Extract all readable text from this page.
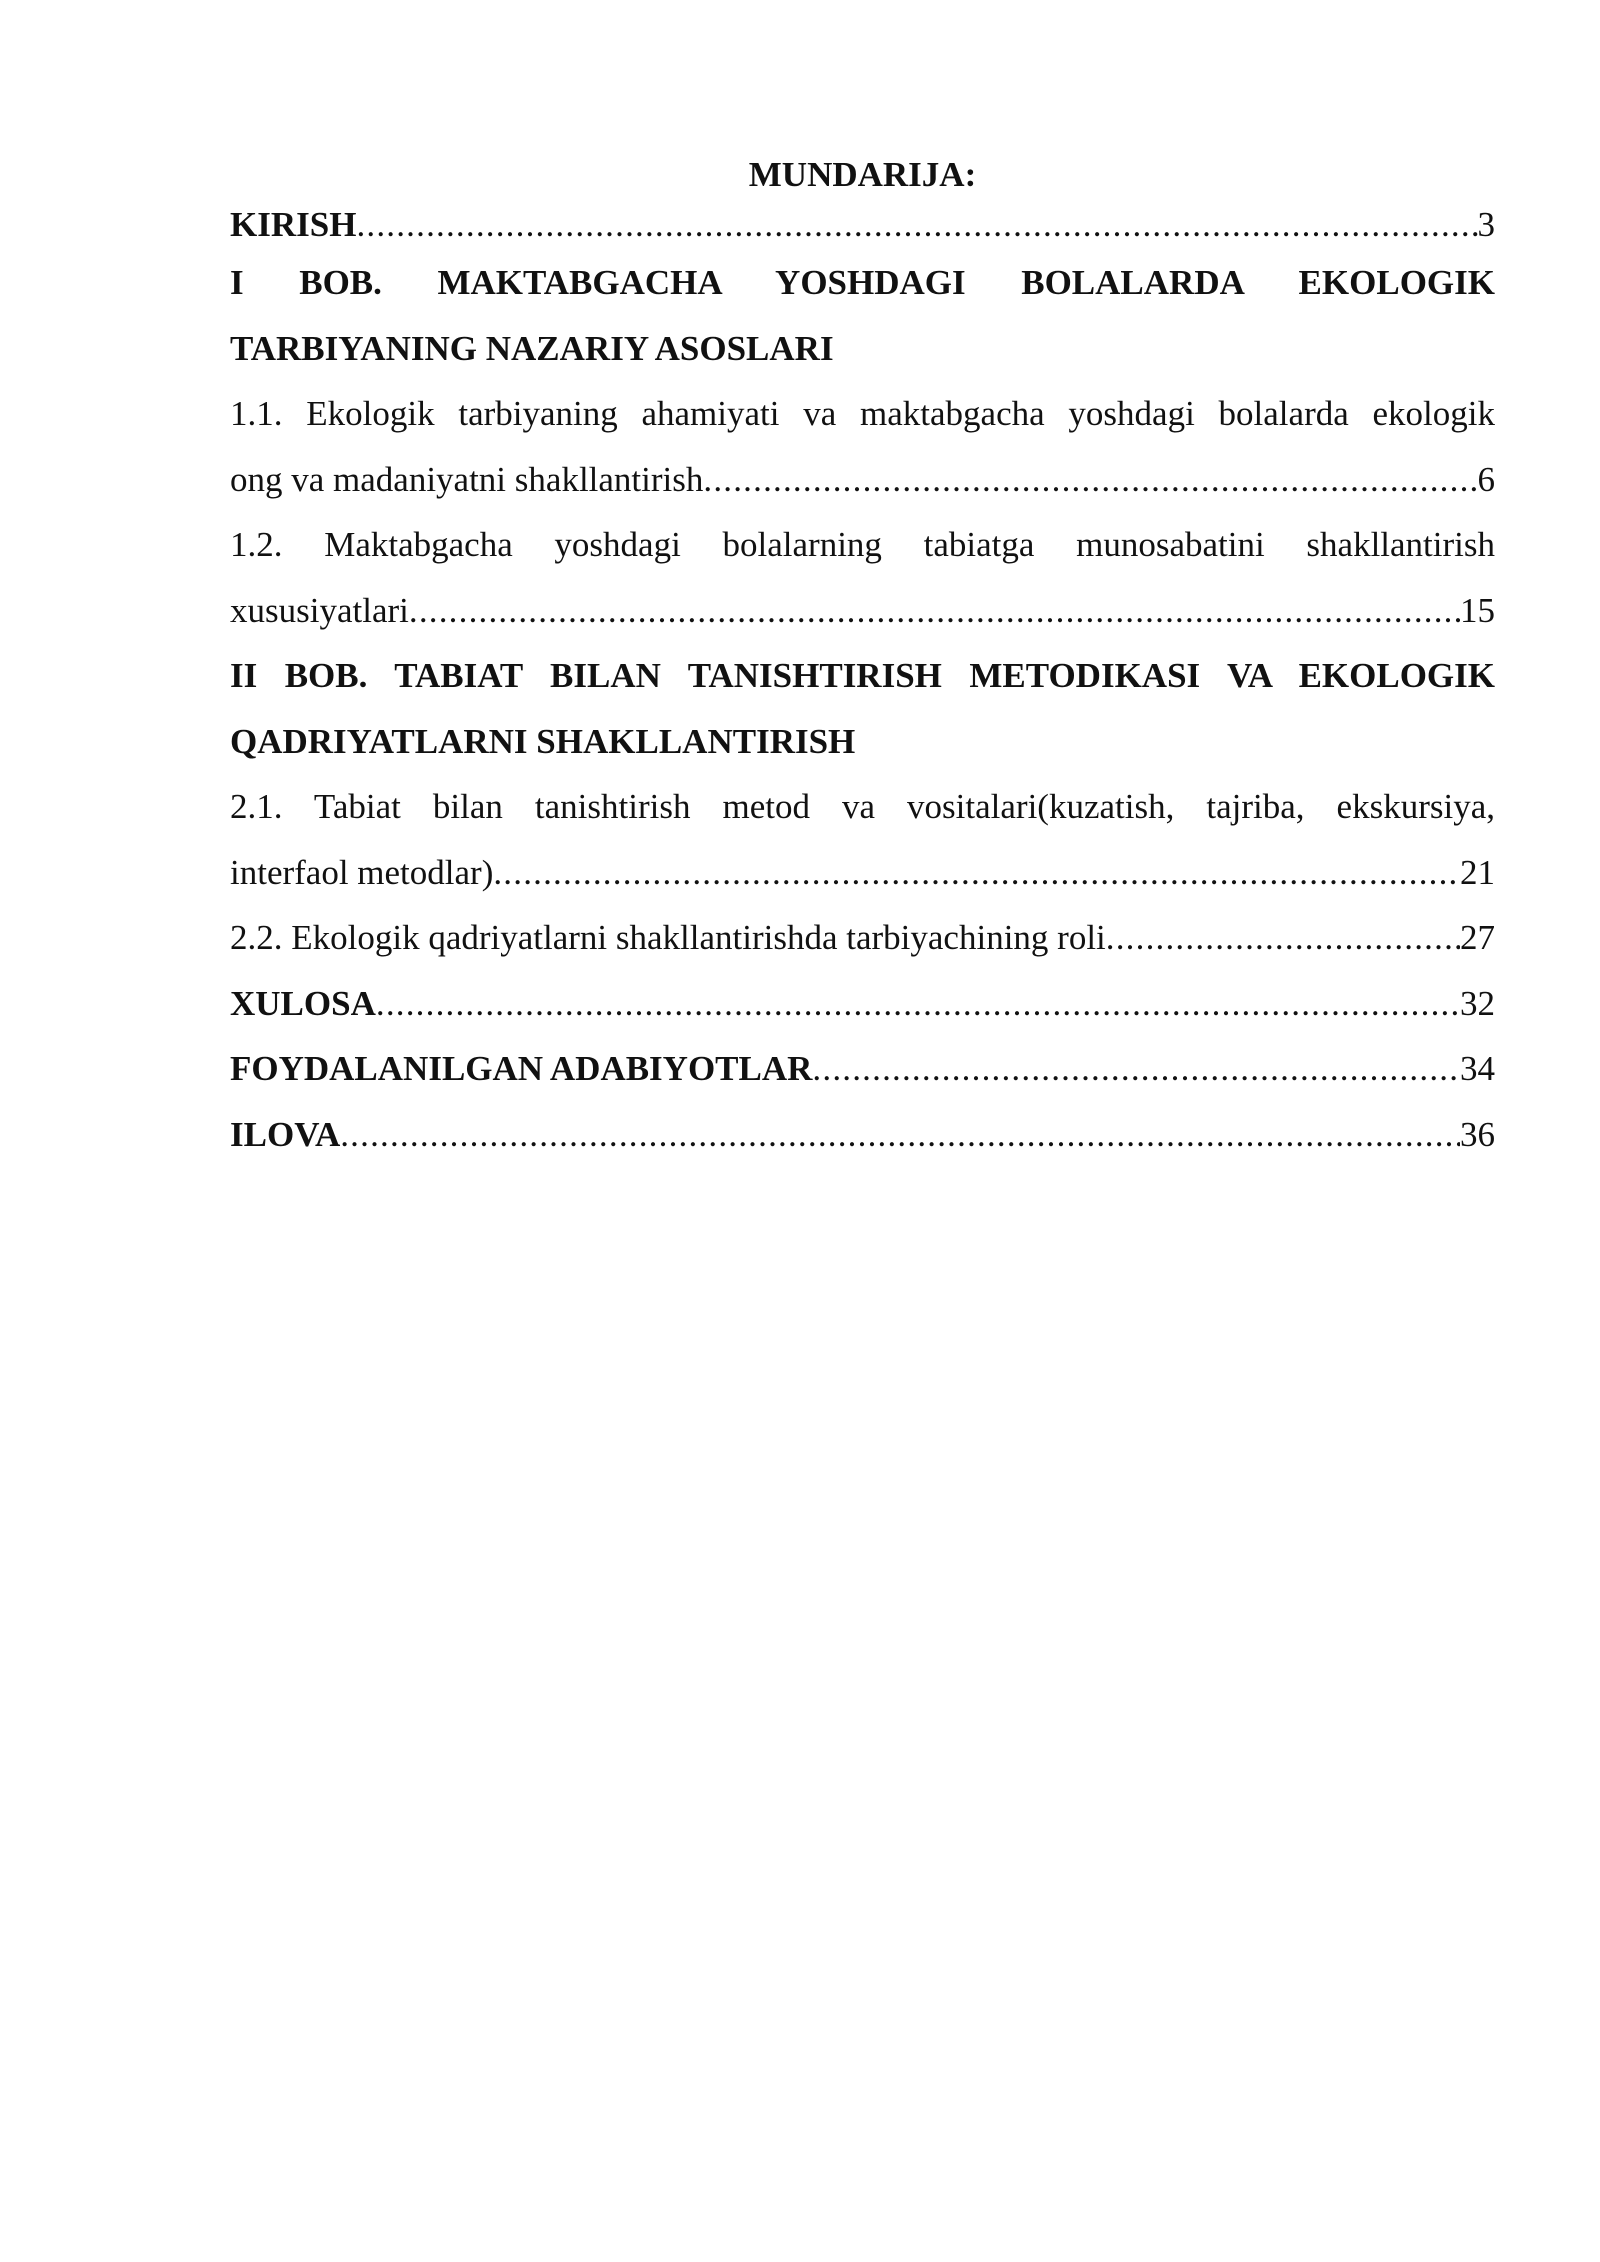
MUNDARIJA:
KIRISH .....	3
I BOB. MAKTABGACHA YOSHDAGI BOLALARDA EKOLOGIK
TARBIYANING NAZARIY ASOSLARI
1.1. Ekologik tarbiyaning ahamiyati va maktabgacha yoshdagi bolalarda ekologik
ong va madaniyatni shakllantirish .....	6
1.2. Maktabgacha yoshdagi bolalarning tabiatga munosabatini shakllantirish
xususiyatlari .....	15
II BOB. TABIAT BILAN TANISHTIRISH METODIKASI VA EKOLOGIK
QADRIYATLARNI SHAKLLANTIRISH
2.1. Tabiat bilan tanishtirish metod va vositalari(kuzatish, tajriba, ekskursiya,
interfaol metodlar) .....	21
2.2. Ekologik qadriyatlarni shakllantirishda tarbiyachining roli .....	27
XULOSA .....	32
FOYDALANILGAN ADABIYOTLAR .....	34
ILOVA .....	36
